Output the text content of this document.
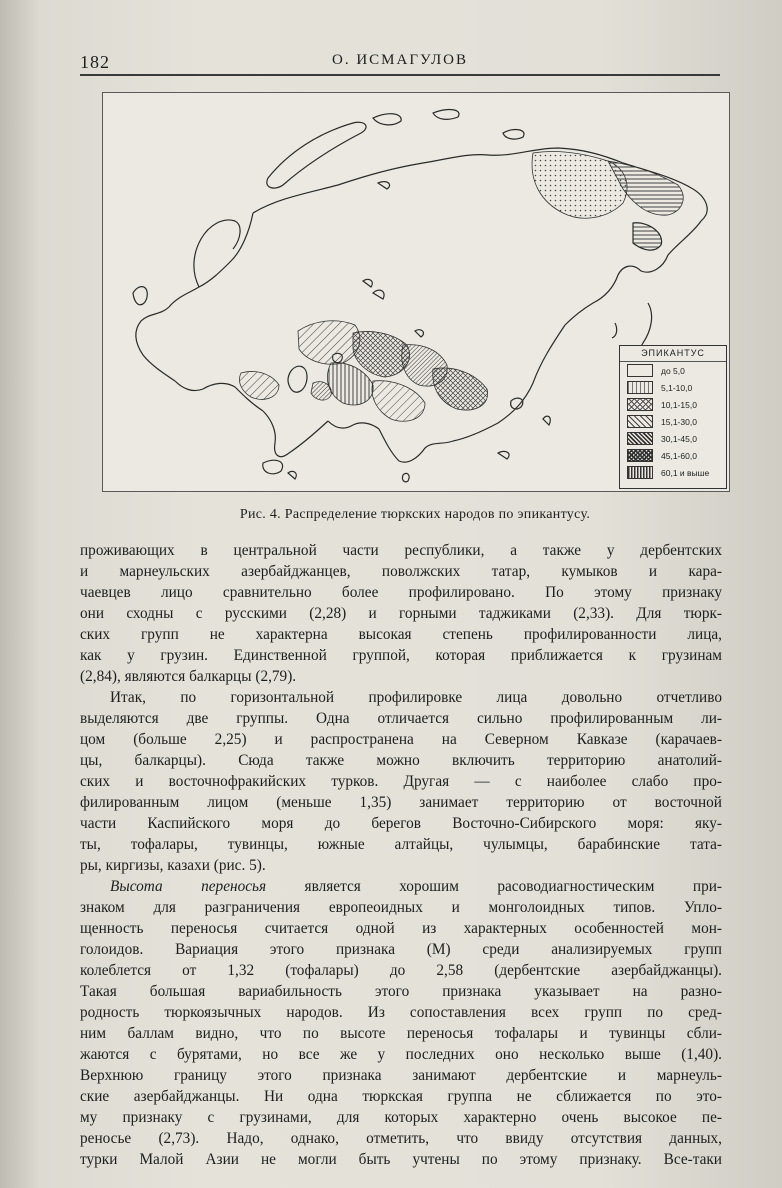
182	О. ИСМАГУЛОВ
ЭПИКАНТУС
до 5,0
5,1-10,0
10,1-15,0
15,1-30,0
30,1-45,0
45,1-60,0
60,1 и выше
Рис. 4. Распределение тюркских народов по эпикантусу.
проживающих в центральной части республики, а также у дербентских
и марнеульских азербайджанцев, поволжских татар, кумыков и кара-
чаевцев лицо сравнительно более профилировано. По этому признаку
они сходны с русскими (2,28) и горными таджиками (2,33). Для тюрк-
ских групп не характерна высокая степень профилированности лица,
как у грузин. Единственной группой, которая приближается к грузинам
(2,84), являются балкарцы (2,79).
Итак, по горизонтальной профилировке лица довольно отчетливо
выделяются две группы. Одна отличается сильно профилированным ли-
цом (больше 2,25) и распространена на Северном Кавказе (карачаев-
цы, балкарцы). Сюда также можно включить территорию анатолий-
ских и восточнофракийских турков. Другая — с наиболее слабо про-
филированным лицом (меньше 1,35) занимает территорию от восточной
части Каспийского моря до берегов Восточно-Сибирского моря: яку-
ты, тофалары, тувинцы, южные алтайцы, чулымцы, барабинские тата-
ры, киргизы, казахи (рис. 5).
Высота переносья является хорошим расоводиагностическим при-
знаком для разграничения европеоидных и монголоидных типов. Упло-
щенность переносья считается одной из характерных особенностей мон-
голоидов. Вариация этого признака (M) среди анализируемых групп
колеблется от 1,32 (тофалары) до 2,58 (дербентские азербайджанцы).
Такая большая вариабильность этого признака указывает на разно-
родность тюркоязычных народов. Из сопоставления всех групп по сред-
ним баллам видно, что по высоте переносья тофалары и тувинцы сбли-
жаются с бурятами, но все же у последних оно несколько выше (1,40).
Верхнюю границу этого признака занимают дербентские и марнеуль-
ские азербайджанцы. Ни одна тюркская группа не сближается по это-
му признаку с грузинами, для которых характерно очень высокое пе-
реносье (2,73). Надо, однако, отметить, что ввиду отсутствия данных,
турки Малой Азии не могли быть учтены по этому признаку. Все-таки
